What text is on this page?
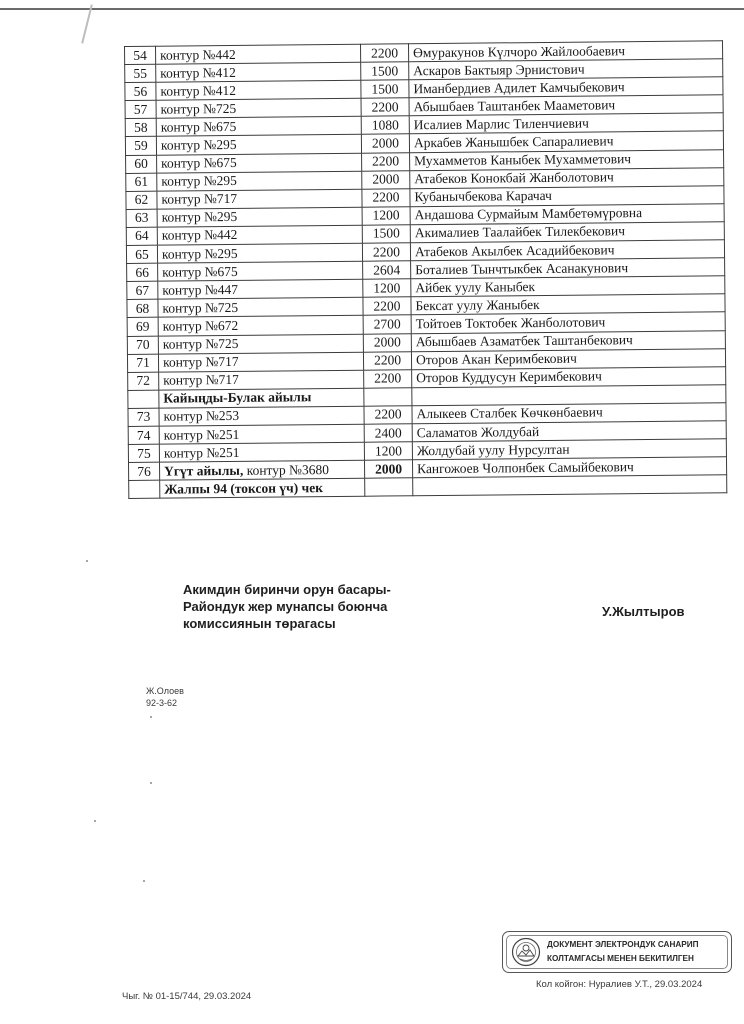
54	контур №442	2200	Өмуракунов Күлчоро Жайлообаевич
55	контур №412	1500	Аскаров Бактыяр Эрнистович
56	контур №412	1500	Иманбердиев Адилет Камчыбекович
57	контур №725	2200	Абышбаев Таштанбек Мааметович
58	контур №675	1080	Исалиев Марлис Тиленчиевич
59	контур №295	2000	Аркабев Жанышбек Сапаралиевич
60	контур №675	2200	Мухамметов Каныбек Мухамметович
61	контур №295	2000	Атабеков Конокбай Жанболотович
62	контур №717	2200	Кубанычбекова Карачач
63	контур №295	1200	Андашова Сурмайым Мамбетөмүровна
64	контур №442	1500	Акималиев Таалайбек Тилекбекович
65	контур №295	2200	Атабеков Акылбек Асадийбекович
66	контур №675	2604	Боталиев Тынчтыкбек Асанакунович
67	контур №447	1200	Айбек уулу Каныбек
68	контур №725	2200	Бексат уулу Жаныбек
69	контур №672	2700	Тойтоев Токтобек Жанболотович
70	контур №725	2000	Абышбаев Азаматбек Таштанбекович
71	контур №717	2200	Оторов Акан Керимбекович
72	контур №717	2200	Оторов Куддусун Керимбекович
	Кайыңды-Булак айылы		
73	контур №253	2200	Алыкеев Сталбек Көчкөнбаевич
74	контур №251	2400	Саламатов Жолдубай
75	контур №251	1200	Жолдубай уулу Нурсултан
76	Үгүт айылы, контур №3680	2000	Кангожоев Чолпонбек Самыйбекович
	Жалпы 94 (токсон үч) чек		
Акимдин биринчи орун басары-
Райондук жер мунапсы боюнча
комиссиянын төрагасы
У.Жылтыров
Ж.Олоев
92-3-62
ДОКУМЕНТ ЭЛЕКТРОНДУК САНАРИП
КОЛТАМГАСЫ МЕНЕН БЕКИТИЛГЕН
Кол койгон: Нуралиев У.Т., 29.03.2024
Чыг. № 01-15/744, 29.03.2024
